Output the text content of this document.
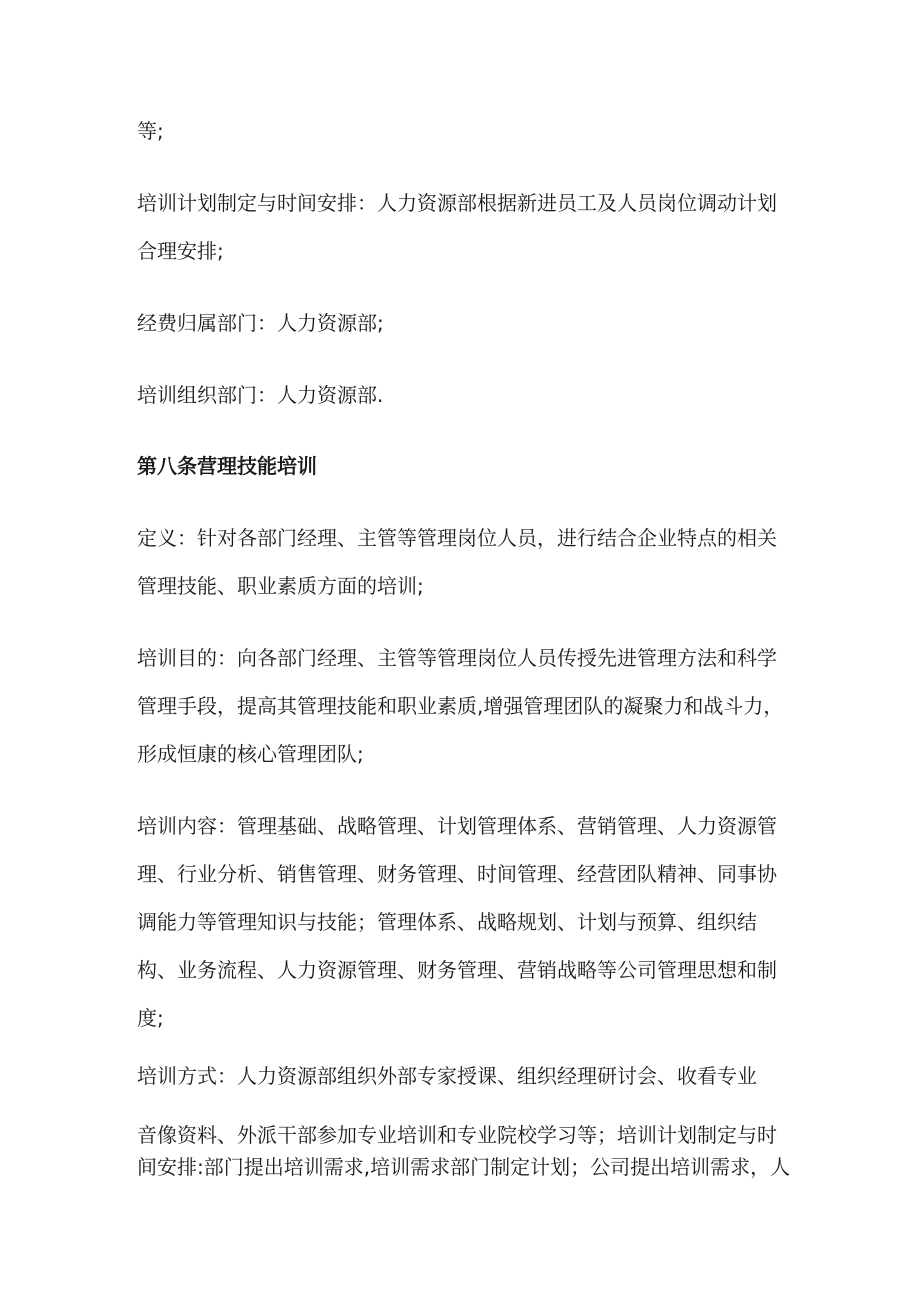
等;
培训计划制定与时间安排：人力资源部根据新进员工及人员岗位调动计划
合理安排;
经费归属部门：人力资源部;
培训组织部门：人力资源部.
第八条营理技能培训
定义：针对各部门经理、主管等管理岗位人员，进行结合企业特点的相关
管理技能、职业素质方面的培训;
培训目的：向各部门经理、主管等管理岗位人员传授先进管理方法和科学
管理手段，提高其管理技能和职业素质,增强管理团队的凝聚力和战斗力，
形成恒康的核心管理团队;
培训内容：管理基础、战略管理、计划管理体系、营销管理、人力资源管
理、行业分析、销售管理、财务管理、时间管理、经营团队精神、同事协
调能力等管理知识与技能；管理体系、战略规划、计划与预算、组织结
构、业务流程、人力资源管理、财务管理、营销战略等公司管理思想和制
度;
培训方式：人力资源部组织外部专家授课、组织经理研讨会、收看专业
音像资料、外派干部参加专业培训和专业院校学习等；培训计划制定与时
间安排:部门提出培训需求,培训需求部门制定计划；公司提出培训需求，人
